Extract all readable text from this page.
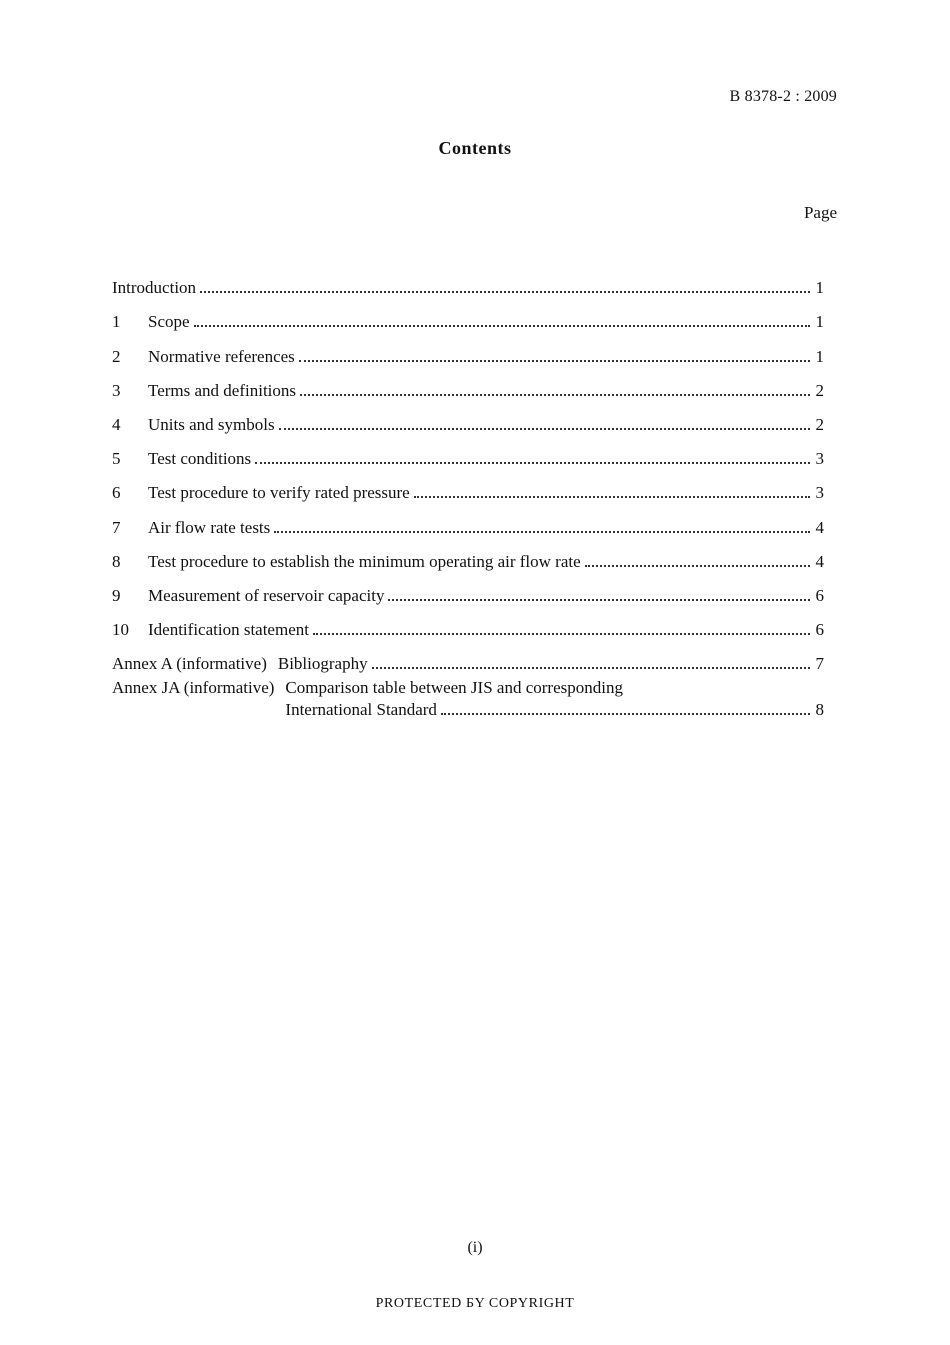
B 8378-2 : 2009
Contents
Page
Introduction	1
1	Scope	1
2	Normative references	1
3	Terms and definitions	2
4	Units and symbols	2
5	Test conditions	3
6	Test procedure to verify rated pressure	3
7	Air flow rate tests	4
8	Test procedure to establish the minimum operating air flow rate	4
9	Measurement of reservoir capacity	6
10	Identification statement	6
Annex A (informative) Bibliography	7
Annex JA (informative) Comparison table between JIS and corresponding
International Standard	8
(i)
PROTECTED БY COPYRIGHT
